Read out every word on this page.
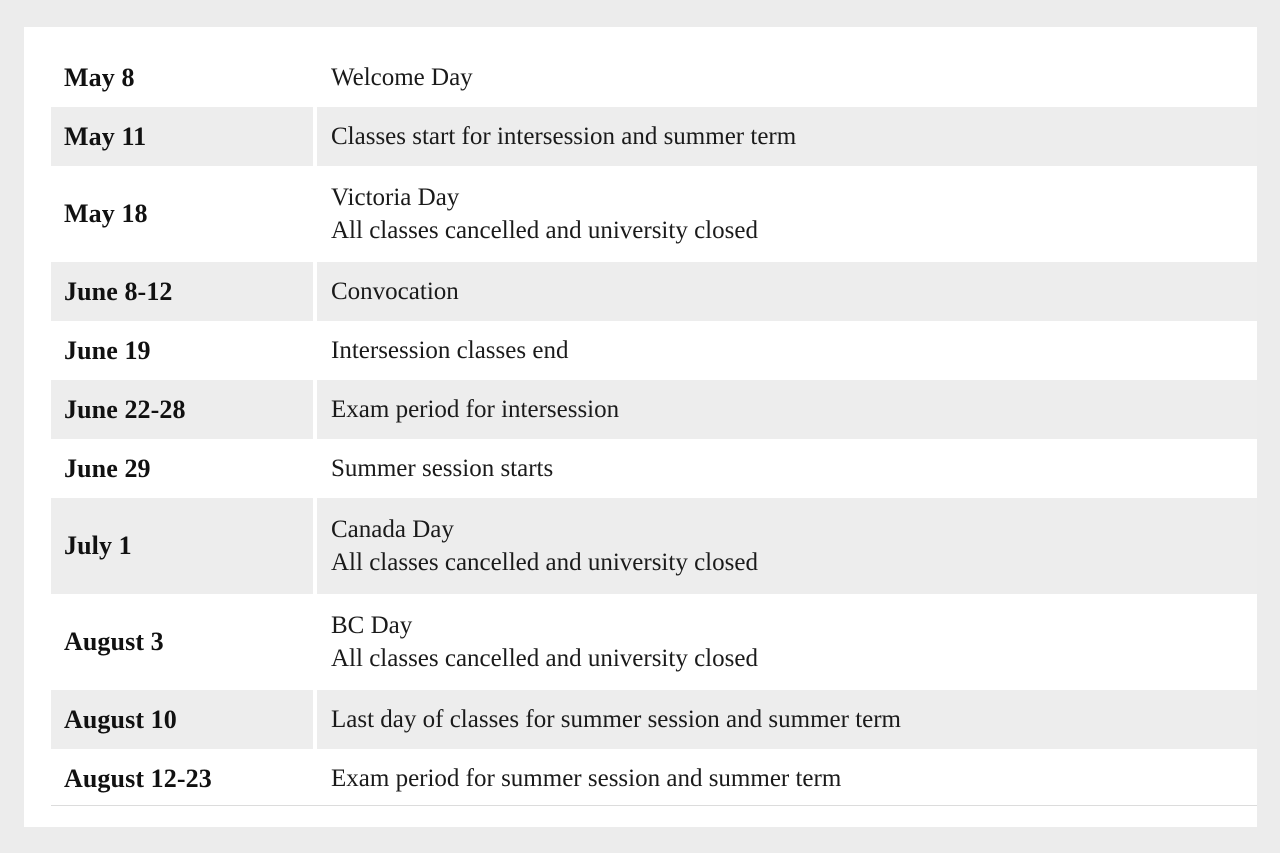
May 8	Welcome Day

May 11	Classes start for intersession and summer term

May 18	Victoria Day
All classes cancelled and university closed

June 8-12	Convocation

June 19	Intersession classes end

June 22-28	Exam period for intersession

June 29	Summer session starts

July 1	Canada Day
All classes cancelled and university closed

August 3	BC Day
All classes cancelled and university closed

August 10	Last day of classes for summer session and summer term

August 12-23	Exam period for summer session and summer term
